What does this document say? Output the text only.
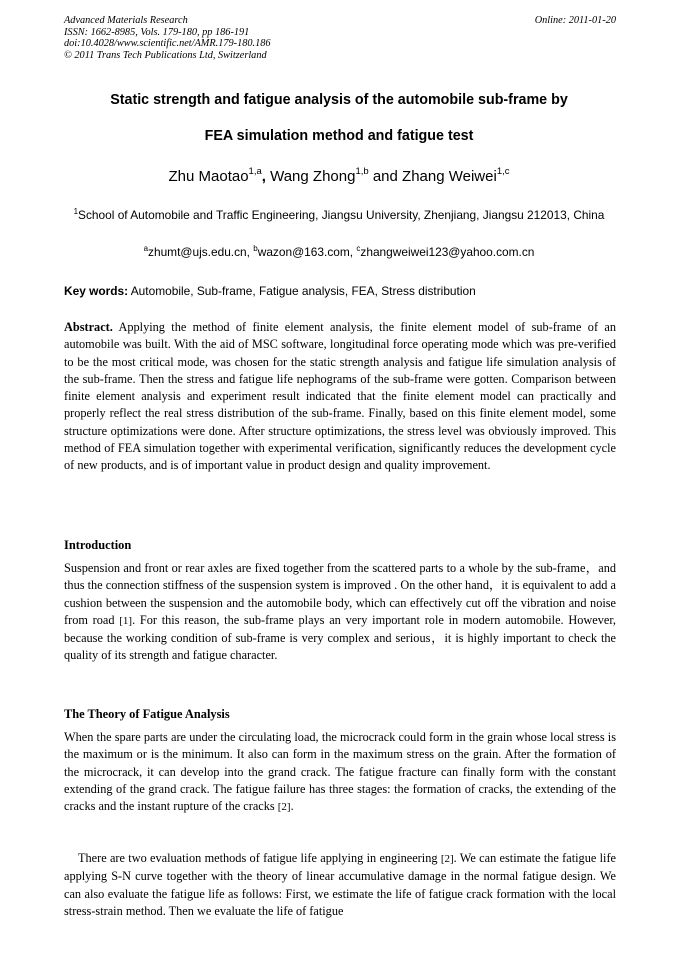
Advanced Materials Research
ISSN: 1662-8985, Vols. 179-180, pp 186-191
doi:10.4028/www.scientific.net/AMR.179-180.186
© 2011 Trans Tech Publications Ltd, Switzerland
Online: 2011-01-20
Static strength and fatigue analysis of the automobile sub-frame by
FEA simulation method and fatigue test
Zhu Maotao$^{1,a}$, Wang Zhong$^{1,b}$ and Zhang Weiwei$^{1,c}$
$^1$School of Automobile and Traffic Engineering, Jiangsu University, Zhenjiang, Jiangsu 212013, China
$^a$zhumt@ujs.edu.cn, $^b$wazon@163.com, $^c$zhangweiwei123@yahoo.com.cn
Key words: Automobile, Sub-frame, Fatigue analysis, FEA, Stress distribution
Abstract. Applying the method of finite element analysis, the finite element model of sub-frame of an automobile was built. With the aid of MSC software, longitudinal force operating mode which was pre-verified to be the most critical mode, was chosen for the static strength analysis and fatigue life simulation analysis of the sub-frame. Then the stress and fatigue life nephograms of the sub-frame were gotten. Comparison between finite element analysis and experiment result indicated that the finite element model can practically and properly reflect the real stress distribution of the sub-frame. Finally, based on this finite element model, some structure optimizations were done. After structure optimizations, the stress level was obviously improved. This method of FEA simulation together with experimental verification, significantly reduces the development cycle of new products, and is of important value in product design and quality improvement.
Introduction
Suspension and front or rear axles are fixed together from the scattered parts to a whole by the sub-frame，and thus the connection stiffness of the suspension system is improved . On the other hand，it is equivalent to add a cushion between the suspension and the automobile body, which can effectively cut off the vibration and noise from road [1]. For this reason, the sub-frame plays an very important role in modern automobile. However, because the working condition of sub-frame is very complex and serious，it is highly important to check the quality of its strength and fatigue character.
The Theory of Fatigue Analysis
When the spare parts are under the circulating load, the microcrack could form in the grain whose local stress is the maximum or is the minimum. It also can form in the maximum stress on the grain. After the formation of the microcrack, it can develop into the grand crack. The fatigue fracture can finally form with the constant extending of the grand crack. The fatigue failure has three stages: the formation of cracks, the extending of the cracks and the instant rupture of the cracks [2].
There are two evaluation methods of fatigue life applying in engineering [2]. We can estimate the fatigue life applying S-N curve together with the theory of linear accumulative damage in the normal fatigue design. We can also evaluate the fatigue life as follows: First, we estimate the life of fatigue crack formation with the local stress-strain method. Then we evaluate the life of fatigue
